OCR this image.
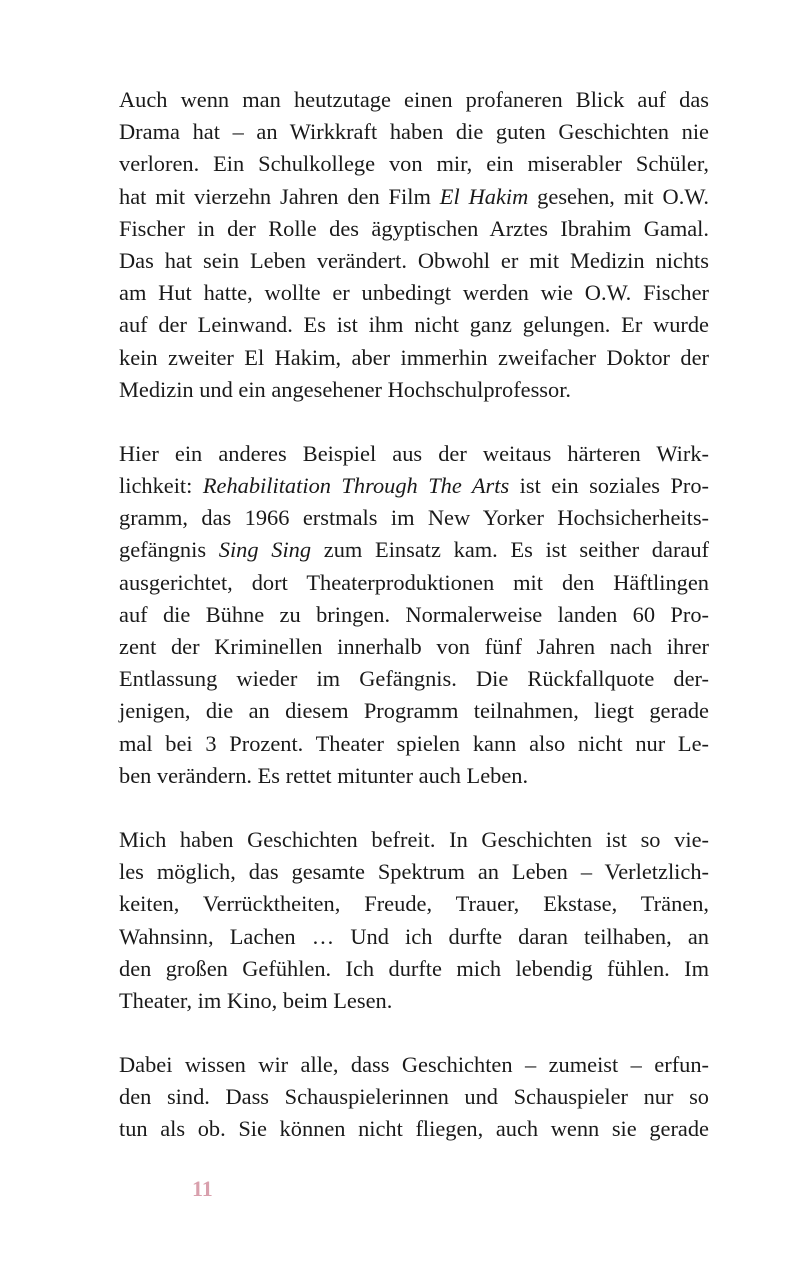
Auch wenn man heutzutage einen profaneren Blick auf das
Drama hat – an Wirkkraft haben die guten Geschichten nie
verloren. Ein Schulkollege von mir, ein miserabler Schüler,
hat mit vierzehn Jahren den Film El Hakim gesehen, mit O.W.
Fischer in der Rolle des ägyptischen Arztes Ibrahim Gamal.
Das hat sein Leben verändert. Obwohl er mit Medizin nichts
am Hut hatte, wollte er unbedingt werden wie O.W. Fischer
auf der Leinwand. Es ist ihm nicht ganz gelungen. Er wurde
kein zweiter El Hakim, aber immerhin zweifacher Doktor der
Medizin und ein angesehener Hochschulprofessor.
Hier ein anderes Beispiel aus der weitaus härteren Wirk-
lichkeit: Rehabilitation Through The Arts ist ein soziales Pro-
gramm, das 1966 erstmals im New Yorker Hochsicherheits-
gefängnis Sing Sing zum Einsatz kam. Es ist seither darauf
ausgerichtet, dort Theaterproduktionen mit den Häftlingen
auf die Bühne zu bringen. Normalerweise landen 60 Pro-
zent der Kriminellen innerhalb von fünf Jahren nach ihrer
Entlassung wieder im Gefängnis. Die Rückfallquote der-
jenigen, die an diesem Programm teilnahmen, liegt gerade
mal bei 3 Prozent. Theater spielen kann also nicht nur Le-
ben verändern. Es rettet mitunter auch Leben.
Mich haben Geschichten befreit. In Geschichten ist so vie-
les möglich, das gesamte Spektrum an Leben – Verletzlich-
keiten, Verrücktheiten, Freude, Trauer, Ekstase, Tränen,
Wahnsinn, Lachen … Und ich durfte daran teilhaben, an
den großen Gefühlen. Ich durfte mich lebendig fühlen. Im
Theater, im Kino, beim Lesen.
Dabei wissen wir alle, dass Geschichten – zumeist – erfun-
den sind. Dass Schauspielerinnen und Schauspieler nur so
tun als ob. Sie können nicht fliegen, auch wenn sie gerade
11
